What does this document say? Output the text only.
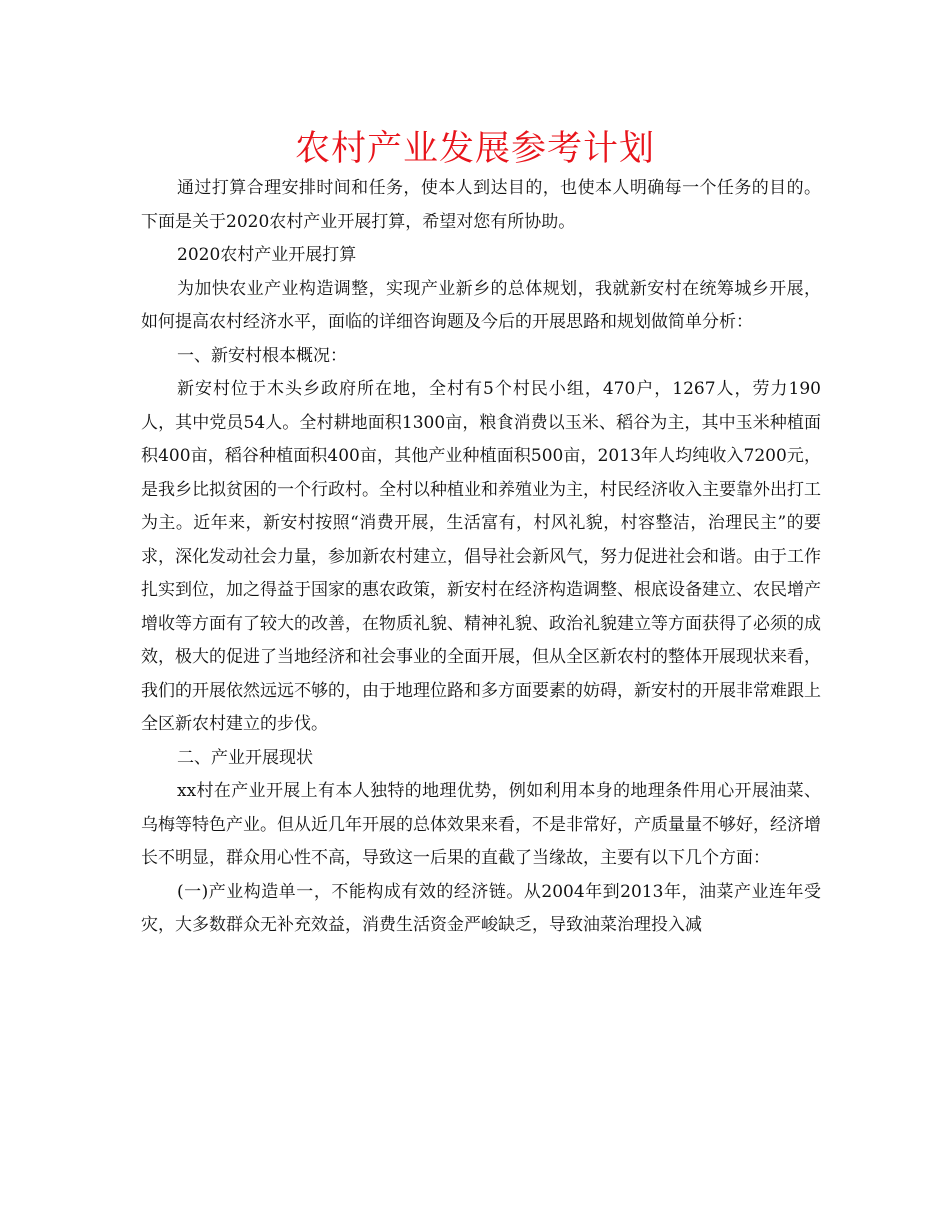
农村产业发展参考计划

通过打算合理安排时间和任务，使本人到达目的，也使本人明确每一个任务的目的。下面是关于2020农村产业开展打算，希望对您有所协助。

2020农村产业开展打算

为加快农业产业构造调整，实现产业新乡的总体规划，我就新安村在统筹城乡开展，如何提高农村经济水平，面临的详细咨询题及今后的开展思路和规划做简单分析：

一、新安村根本概况：

新安村位于木头乡政府所在地，全村有5个村民小组，470户，1267人，劳力190人，其中党员54人。全村耕地面积1300亩，粮食消费以玉米、稻谷为主，其中玉米种植面积400亩，稻谷种植面积400亩，其他产业种植面积500亩，2013年人均纯收入7200元，是我乡比拟贫困的一个行政村。全村以种植业和养殖业为主，村民经济收入主要靠外出打工为主。近年来，新安村按照“消费开展，生活富有，村风礼貌，村容整洁，治理民主”的要求，深化发动社会力量，参加新农村建立，倡导社会新风气，努力促进社会和谐。由于工作扎实到位，加之得益于国家的惠农政策，新安村在经济构造调整、根底设备建立、农民增产增收等方面有了较大的改善，在物质礼貌、精神礼貌、政治礼貌建立等方面获得了必须的成效，极大的促进了当地经济和社会事业的全面开展，但从全区新农村的整体开展现状来看，我们的开展依然远远不够的，由于地理位路和多方面要素的妨碍，新安村的开展非常难跟上全区新农村建立的步伐。

二、产业开展现状

xx村在产业开展上有本人独特的地理优势，例如利用本身的地理条件用心开展油菜、乌梅等特色产业。但从近几年开展的总体效果来看，不是非常好，产质量量不够好，经济增长不明显，群众用心性不高，导致这一后果的直截了当缘故，主要有以下几个方面：

(一)产业构造单一，不能构成有效的经济链。从2004年到2013年，油菜产业连年受灾，大多数群众无补充效益，消费生活资金严峻缺乏，导致油菜治理投入减
